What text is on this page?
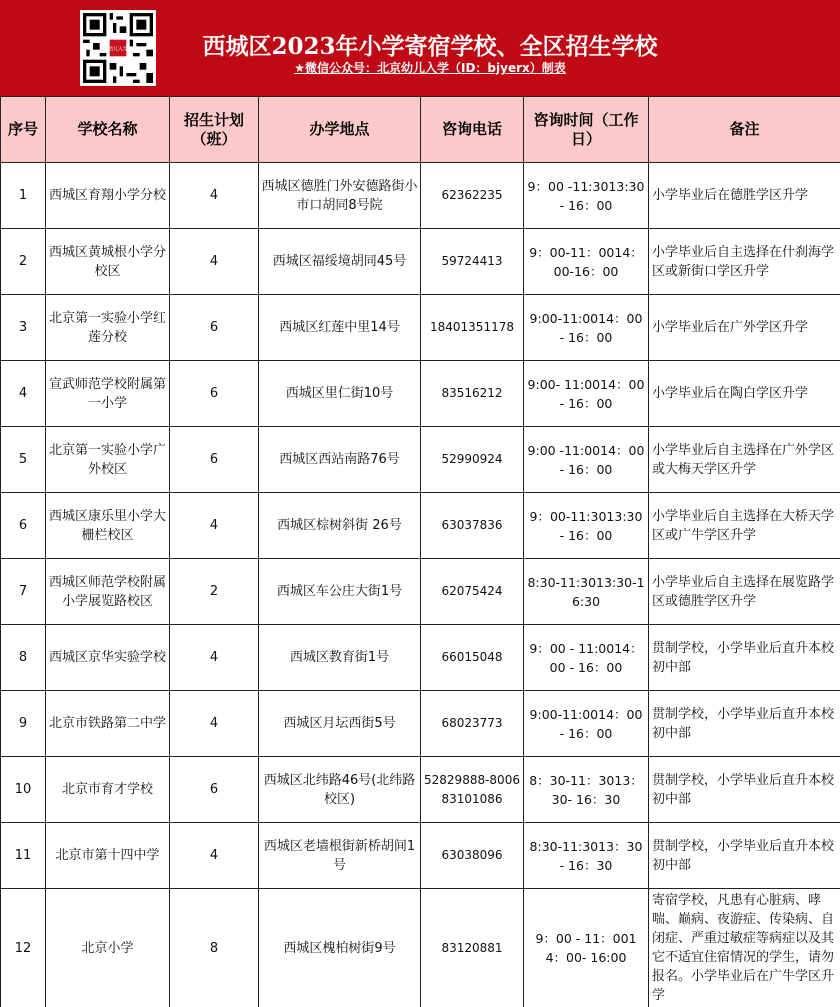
幼儿入学	西城区2023年小学寄宿学校、全区招生学校
★微信公众号：北京幼儿入学（ID：bjyerx）制表
序号	学校名称	招生计划（班）	办学地点	咨询电话	咨询时间（工作日）	备注
1	西城区育翔小学分校	4	西城区德胜门外安德路街小市口胡同8号院	62362235	9：00 -11:3013:30 - 16：00	小学毕业后在德胜学区升学
2	西城区黄城根小学分校区	4	西城区福绥境胡同45号	59724413	9：00-11：0014：00-16：00	小学毕业后自主选择在什刹海学区或新街口学区升学
3	北京第一实验小学红莲分校	6	西城区红莲中里14号	18401351178	9:00-11:0014：00 - 16：00	小学毕业后在广外学区升学
4	宣武师范学校附属第一小学	6	西城区里仁街10号	83516212	9:00- 11:0014：00 - 16：00	小学毕业后在陶白学区升学
5	北京第一实验小学广外校区	6	西城区西站南路76号	52990924	9:00 -11:0014：00 - 16：00	小学毕业后自主选择在广外学区或大梅天学区升学
6	西城区康乐里小学大栅栏校区	4	西城区棕树斜街 26号	63037836	9：00-11:3013:30 - 16：00	小学毕业后自主选择在大桥天学区或广牛学区升学
7	西城区师范学校附属小学展览路校区	2	西城区车公庄大街1号	62075424	8:30-11:3013:30-16:30	小学毕业后自主选择在展览路学区或德胜学区升学
8	西城区京华实验学校	4	西城区教育街1号	66015048	9：00 - 11:0014：00 - 16：00	贯制学校，小学毕业后直升本校初中部
9	北京市铁路第二中学	4	西城区月坛西街5号	68023773	9:00-11:0014：00 - 16：00	贯制学校，小学毕业后直升本校初中部
10	北京市育才学校	6	西城区北纬路46号(北纬路校区)	52829888-800683101086	8：30-11：3013：30- 16：30	贯制学校，小学毕业后直升本校初中部
11	北京市第十四中学	4	西城区老墙根街新桥胡间1号	63038096	8:30-11:3013：30 - 16：30	贯制学校，小学毕业后直升本校初中部
12	北京小学	8	西城区槐柏树街9号	83120881	9：00 - 11：0014：00- 16:00	寄宿学校，凡患有心脏病、哮喘、巅病、夜游症、传染病、自闭症、严重过敏症等病症以及其它不适宜住宿情况的学生，请勿报名。小学毕业后在广牛学区升学
